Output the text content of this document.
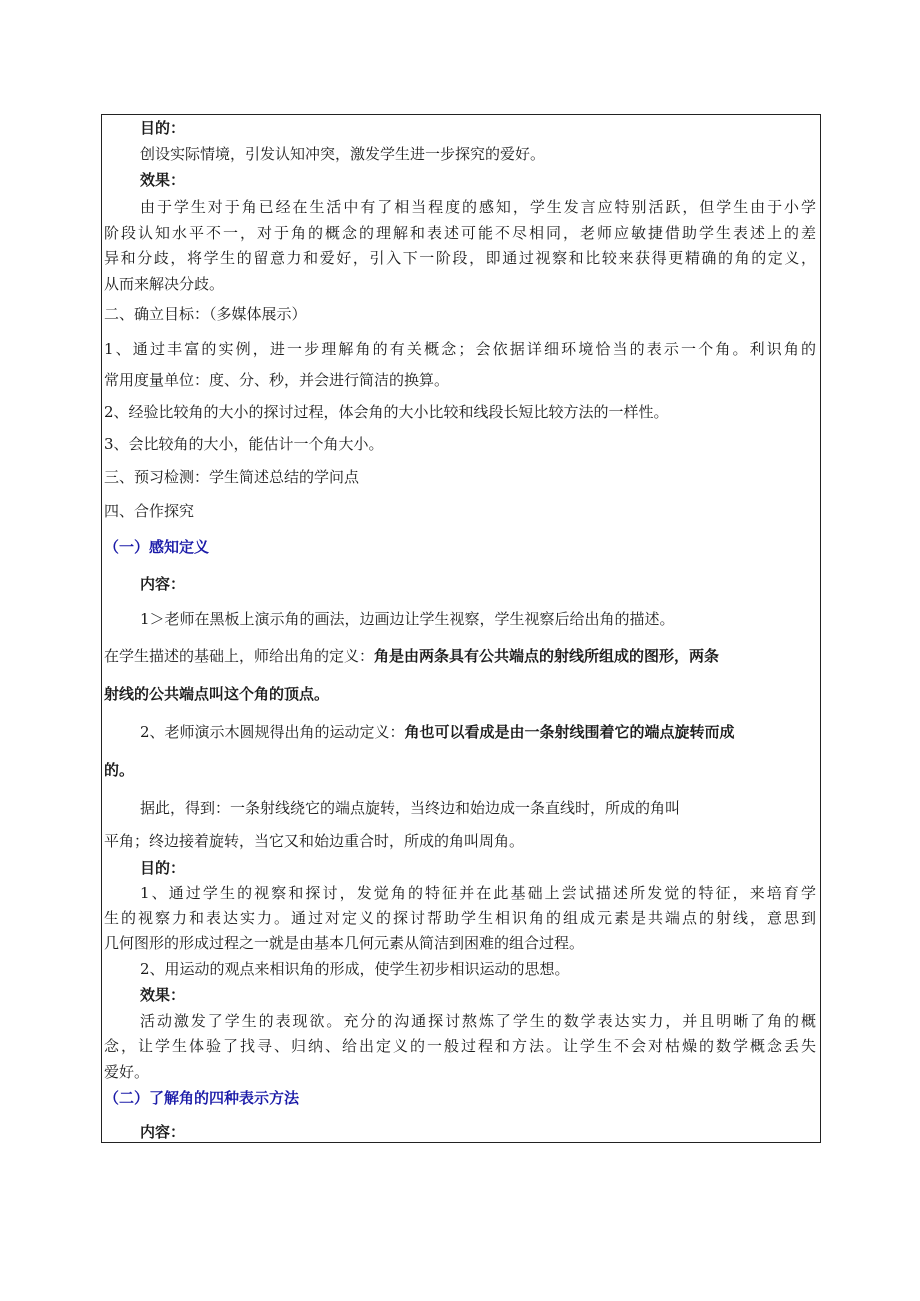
目的：
创设实际情境，引发认知冲突，激发学生进一步探究的爱好。
效果：
由于学生对于角已经在生活中有了相当程度的感知，学生发言应特别活跃，但学生由于小学
阶段认知水平不一，对于角的概念的理解和表述可能不尽相同，老师应敏捷借助学生表述上的差
异和分歧，将学生的留意力和爱好，引入下一阶段，即通过视察和比较来获得更精确的角的定义，
从而来解决分歧。
二、确立目标：（多媒体展示）
1、通过丰富的实例，进一步理解角的有关概念；会依据详细环境恰当的表示一个角。利识角的
常用度量单位：度、分、秒，并会进行简洁的换算。
2、经验比较角的大小的探讨过程，体会角的大小比较和线段长短比较方法的一样性。
3、会比较角的大小，能估计一个角大小。
三、预习检测：学生简述总结的学问点
四、合作探究
（一）感知定义
内容：
1＞老师在黑板上演示角的画法，边画边让学生视察，学生视察后给出角的描述。
在学生描述的基础上，师给出角的定义：角是由两条具有公共端点的射线所组成的图形，两条
射线的公共端点叫这个角的顶点。
2、老师演示木圆规得出角的运动定义：角也可以看成是由一条射线围着它的端点旋转而成
的。
据此，得到：一条射线绕它的端点旋转，当终边和始边成一条直线时，所成的角叫
平角；终边接着旋转，当它又和始边重合时，所成的角叫周角。
目的：
1、通过学生的视察和探讨，发觉角的特征并在此基础上尝试描述所发觉的特征，来培育学
生的视察力和表达实力。通过对定义的探讨帮助学生相识角的组成元素是共端点的射线，意思到
几何图形的形成过程之一就是由基本几何元素从简洁到困难的组合过程。
2、用运动的观点来相识角的形成，使学生初步相识运动的思想。
效果：
活动激发了学生的表现欲。充分的沟通探讨熬炼了学生的数学表达实力，并且明晰了角的概
念，让学生体验了找寻、归纳、给出定义的一般过程和方法。让学生不会对枯燥的数学概念丢失
爱好。
（二）了解角的四种表示方法
内容：
